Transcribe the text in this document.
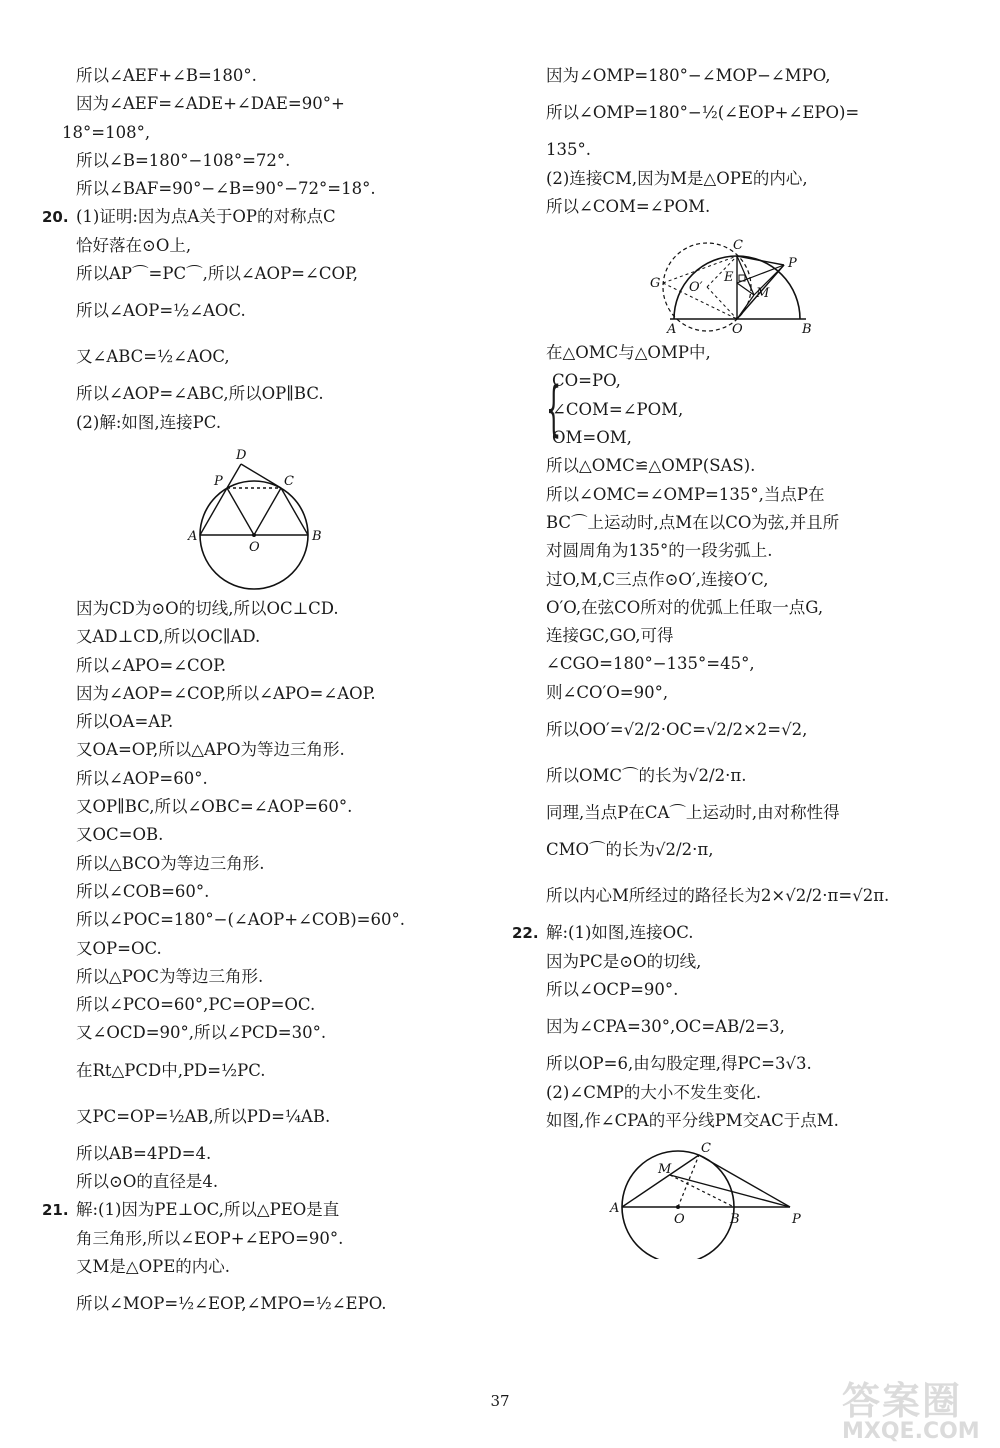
所以∠AEF+∠B=180°.
因为∠AEF=∠ADE+∠DAE=90°+
18°=108°,
所以∠B=180°−108°=72°.
所以∠BAF=90°−∠B=90°−72°=18°.
20. (1)证明:因为点A关于OP的对称点C
恰好落在⊙O上,
所以AP⌒=PC⌒,所以∠AOP=∠COP,
所以∠AOP=½∠AOC.
又∠ABC=½∠AOC,
所以∠AOP=∠ABC,所以OP∥BC.
(2)解:如图,连接PC.
D
P	C
A
O
B
因为CD为⊙O的切线,所以OC⊥CD.
又AD⊥CD,所以OC∥AD.
所以∠APO=∠COP.
因为∠AOP=∠COP,所以∠APO=∠AOP.
所以OA=AP.
又OA=OP,所以△APO为等边三角形.
所以∠AOP=60°.
又OP∥BC,所以∠OBC=∠AOP=60°.
又OC=OB.
所以△BCO为等边三角形.
所以∠COB=60°.
所以∠POC=180°−(∠AOP+∠COB)=60°.
又OP=OC.
所以△POC为等边三角形.
所以∠PCO=60°,PC=OP=OC.
又∠OCD=90°,所以∠PCD=30°.
在Rt△PCD中,PD=½PC.
又PC=OP=½AB,所以PD=¼AB.
所以AB=4PD=4.
所以⊙O的直径是4.
21. 解:(1)因为PE⊥OC,所以△PEO是直
角三角形,所以∠EOP+∠EPO=90°.
又M是△OPE的内心.
所以∠MOP=½∠EOP,∠MPO=½∠EPO.
因为∠OMP=180°−∠MOP−∠MPO,
所以∠OMP=180°−½(∠EOP+∠EPO)=
135°.
(2)连接CM,因为M是△OPE的内心,
所以∠COM=∠POM.
C
P
G O′
E
M
A	O	B
在△OMC与△OMP中,
{
CO=PO,
∠COM=∠POM,
OM=OM,
所以△OMC≌△OMP(SAS).
所以∠OMC=∠OMP=135°,当点P在
BC⌒上运动时,点M在以CO为弦,并且所
对圆周角为135°的一段劣弧上.
过O,M,C三点作⊙O′,连接O′C,
O′O,在弦CO所对的优弧上任取一点G,
连接GC,GO,可得
∠CGO=180°−135°=45°,
则∠CO′O=90°,
所以OO′=√2/2·OC=√2/2×2=√2,
所以OMC⌒的长为√2/2·π.
同理,当点P在CA⌒上运动时,由对称性得
CMO⌒的长为√2/2·π,
所以内心M所经过的路径长为2×√2/2·π=√2π.
22. 解:(1)如图,连接OC.
因为PC是⊙O的切线,
所以∠OCP=90°.
因为∠CPA=30°,OC=AB/2=3,
所以OP=6,由勾股定理,得PC=3√3.
(2)∠CMP的大小不发生变化.
如图,作∠CPA的平分线PM交AC于点M.
C
M
A
O	B	P
37	答案圈
MXQE.COM
